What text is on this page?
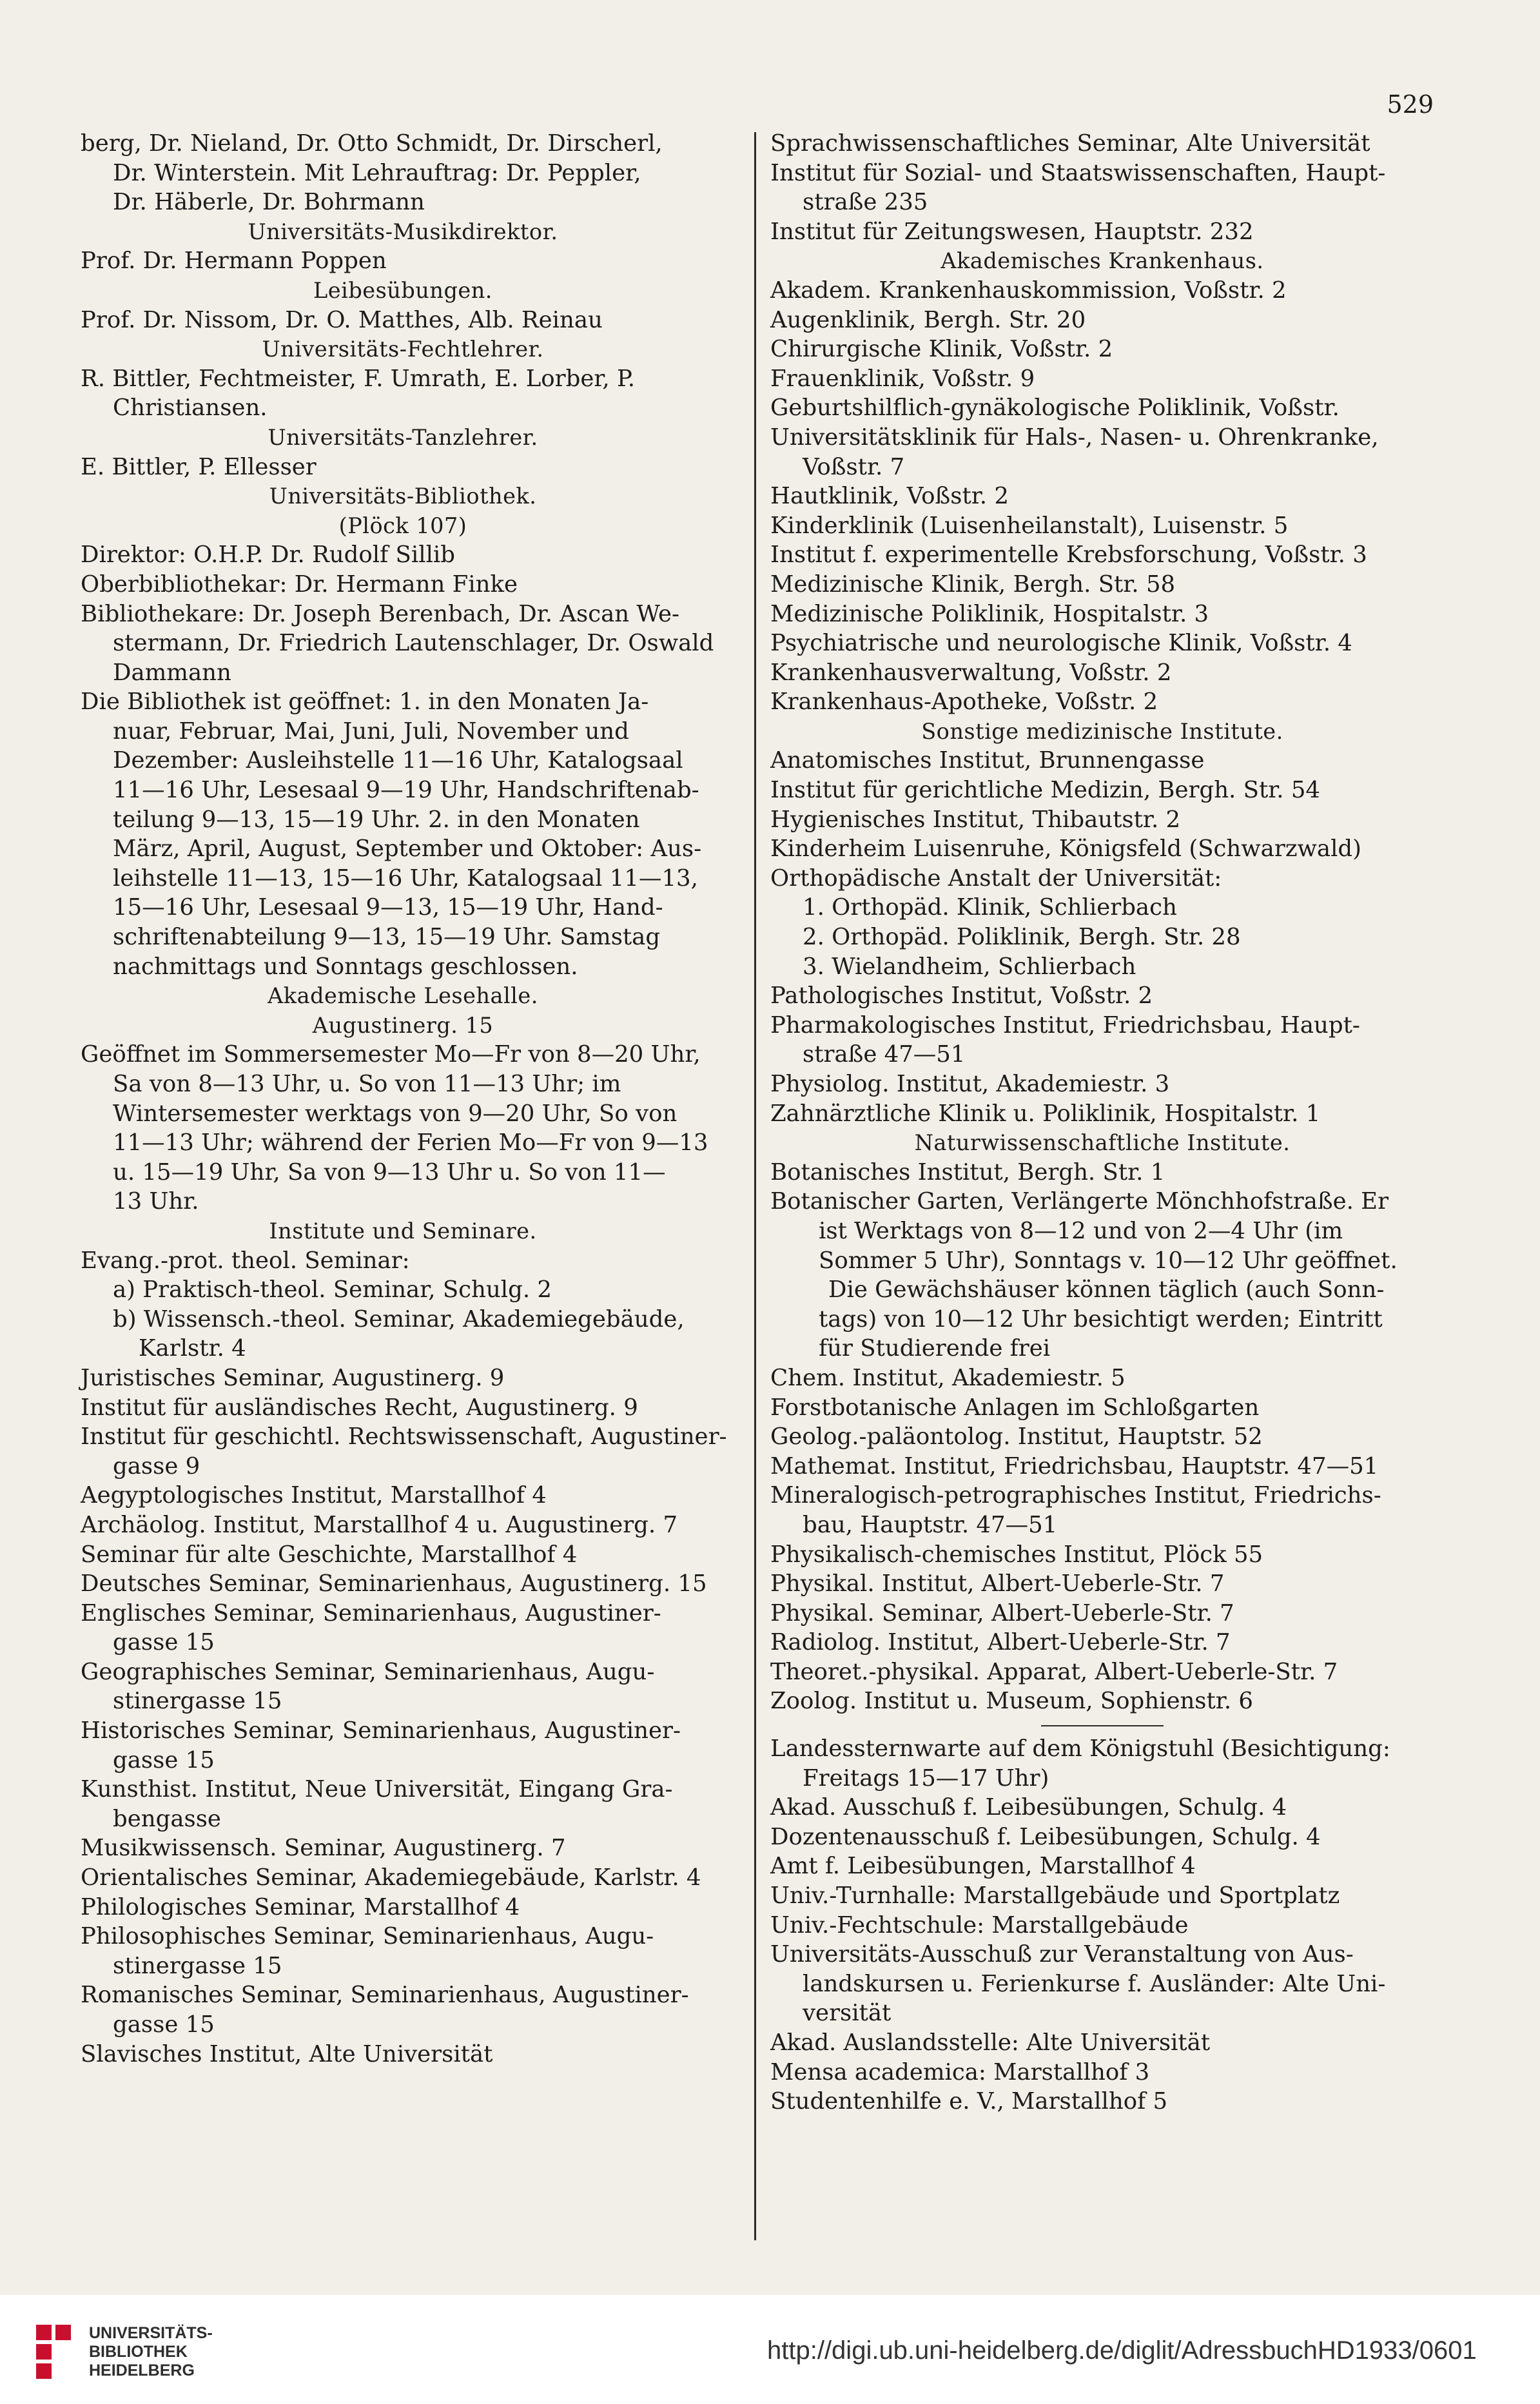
529
berg, Dr. Nieland, Dr. Otto Schmidt, Dr. Dirscherl,
Dr. Winterstein. Mit Lehrauftrag: Dr. Peppler,
Dr. Häberle, Dr. Bohrmann
Universitäts-Musikdirektor.
Prof. Dr. Hermann Poppen
Leibesübungen.
Prof. Dr. Nissom, Dr. O. Matthes, Alb. Reinau
Universitäts-Fechtlehrer.
R. Bittler, Fechtmeister, F. Umrath, E. Lorber, P.
Christiansen.
Universitäts-Tanzlehrer.
E. Bittler, P. Ellesser
Universitäts-Bibliothek.
(Plöck 107)
Direktor: O.H.P. Dr. Rudolf Sillib
Oberbibliothekar: Dr. Hermann Finke
Bibliothekare: Dr. Joseph Berenbach, Dr. Ascan We-
stermann, Dr. Friedrich Lautenschlager, Dr. Oswald
Dammann
Die Bibliothek ist geöffnet: 1. in den Monaten Ja-
nuar, Februar, Mai, Juni, Juli, November und
Dezember: Ausleihstelle 11—16 Uhr, Katalogsaal
11—16 Uhr, Lesesaal 9—19 Uhr, Handschriftenab-
teilung 9—13, 15—19 Uhr. 2. in den Monaten
März, April, August, September und Oktober: Aus-
leihstelle 11—13, 15—16 Uhr, Katalogsaal 11—13,
15—16 Uhr, Lesesaal 9—13, 15—19 Uhr, Hand-
schriftenabteilung 9—13, 15—19 Uhr. Samstag
nachmittags und Sonntags geschlossen.
Akademische Lesehalle.
Augustinerg. 15
Geöffnet im Sommersemester Mo—Fr von 8—20 Uhr,
Sa von 8—13 Uhr, u. So von 11—13 Uhr; im
Wintersemester werktags von 9—20 Uhr, So von
11—13 Uhr; während der Ferien Mo—Fr von 9—13
u. 15—19 Uhr, Sa von 9—13 Uhr u. So von 11—
13 Uhr.
Institute und Seminare.
Evang.-prot. theol. Seminar:
a) Praktisch-theol. Seminar, Schulg. 2
b) Wissensch.-theol. Seminar, Akademiegebäude,
Karlstr. 4
Juristisches Seminar, Augustinerg. 9
Institut für ausländisches Recht, Augustinerg. 9
Institut für geschichtl. Rechtswissenschaft, Augustiner-
gasse 9
Aegyptologisches Institut, Marstallhof 4
Archäolog. Institut, Marstallhof 4 u. Augustinerg. 7
Seminar für alte Geschichte, Marstallhof 4
Deutsches Seminar, Seminarienhaus, Augustinerg. 15
Englisches Seminar, Seminarienhaus, Augustiner-
gasse 15
Geographisches Seminar, Seminarienhaus, Augu-
stinergasse 15
Historisches Seminar, Seminarienhaus, Augustiner-
gasse 15
Kunsthist. Institut, Neue Universität, Eingang Gra-
bengasse
Musikwissensch. Seminar, Augustinerg. 7
Orientalisches Seminar, Akademiegebäude, Karlstr. 4
Philologisches Seminar, Marstallhof 4
Philosophisches Seminar, Seminarienhaus, Augu-
stinergasse 15
Romanisches Seminar, Seminarienhaus, Augustiner-
gasse 15
Slavisches Institut, Alte Universität
Sprachwissenschaftliches Seminar, Alte Universität
Institut für Sozial- und Staatswissenschaften, Haupt-
straße 235
Institut für Zeitungswesen, Hauptstr. 232
Akademisches Krankenhaus.
Akadem. Krankenhauskommission, Voßstr. 2
Augenklinik, Bergh. Str. 20
Chirurgische Klinik, Voßstr. 2
Frauenklinik, Voßstr. 9
Geburtshilflich-gynäkologische Poliklinik, Voßstr.
Universitätsklinik für Hals-, Nasen- u. Ohrenkranke,
Voßstr. 7
Hautklinik, Voßstr. 2
Kinderklinik (Luisenheilanstalt), Luisenstr. 5
Institut f. experimentelle Krebsforschung, Voßstr. 3
Medizinische Klinik, Bergh. Str. 58
Medizinische Poliklinik, Hospitalstr. 3
Psychiatrische und neurologische Klinik, Voßstr. 4
Krankenhausverwaltung, Voßstr. 2
Krankenhaus-Apotheke, Voßstr. 2
Sonstige medizinische Institute.
Anatomisches Institut, Brunnengasse
Institut für gerichtliche Medizin, Bergh. Str. 54
Hygienisches Institut, Thibautstr. 2
Kinderheim Luisenruhe, Königsfeld (Schwarzwald)
Orthopädische Anstalt der Universität:
1. Orthopäd. Klinik, Schlierbach
2. Orthopäd. Poliklinik, Bergh. Str. 28
3. Wielandheim, Schlierbach
Pathologisches Institut, Voßstr. 2
Pharmakologisches Institut, Friedrichsbau, Haupt-
straße 47—51
Physiolog. Institut, Akademiestr. 3
Zahnärztliche Klinik u. Poliklinik, Hospitalstr. 1
Naturwissenschaftliche Institute.
Botanisches Institut, Bergh. Str. 1
Botanischer Garten, Verlängerte Mönchhofstraße. Er
ist Werktags von 8—12 und von 2—4 Uhr (im
Sommer 5 Uhr), Sonntags v. 10—12 Uhr geöffnet.
Die Gewächshäuser können täglich (auch Sonn-
tags) von 10—12 Uhr besichtigt werden; Eintritt
für Studierende frei
Chem. Institut, Akademiestr. 5
Forstbotanische Anlagen im Schloßgarten
Geolog.-paläontolog. Institut, Hauptstr. 52
Mathemat. Institut, Friedrichsbau, Hauptstr. 47—51
Mineralogisch-petrographisches Institut, Friedrichs-
bau, Hauptstr. 47—51
Physikalisch-chemisches Institut, Plöck 55
Physikal. Institut, Albert-Ueberle-Str. 7
Physikal. Seminar, Albert-Ueberle-Str. 7
Radiolog. Institut, Albert-Ueberle-Str. 7
Theoret.-physikal. Apparat, Albert-Ueberle-Str. 7
Zoolog. Institut u. Museum, Sophienstr. 6
Landessternwarte auf dem Königstuhl (Besichtigung:
Freitags 15—17 Uhr)
Akad. Ausschuß f. Leibesübungen, Schulg. 4
Dozentenausschuß f. Leibesübungen, Schulg. 4
Amt f. Leibesübungen, Marstallhof 4
Univ.-Turnhalle: Marstallgebäude und Sportplatz
Univ.-Fechtschule: Marstallgebäude
Universitäts-Ausschuß zur Veranstaltung von Aus-
landskursen u. Ferienkurse f. Ausländer: Alte Uni-
versität
Akad. Auslandsstelle: Alte Universität
Mensa academica: Marstallhof 3
Studentenhilfe e. V., Marstallhof 5
UNIVERSITÄTS-
BIBLIOTHEK
HEIDELBERG
http://digi.ub.uni-heidelberg.de/diglit/AdressbuchHD1933/0601
